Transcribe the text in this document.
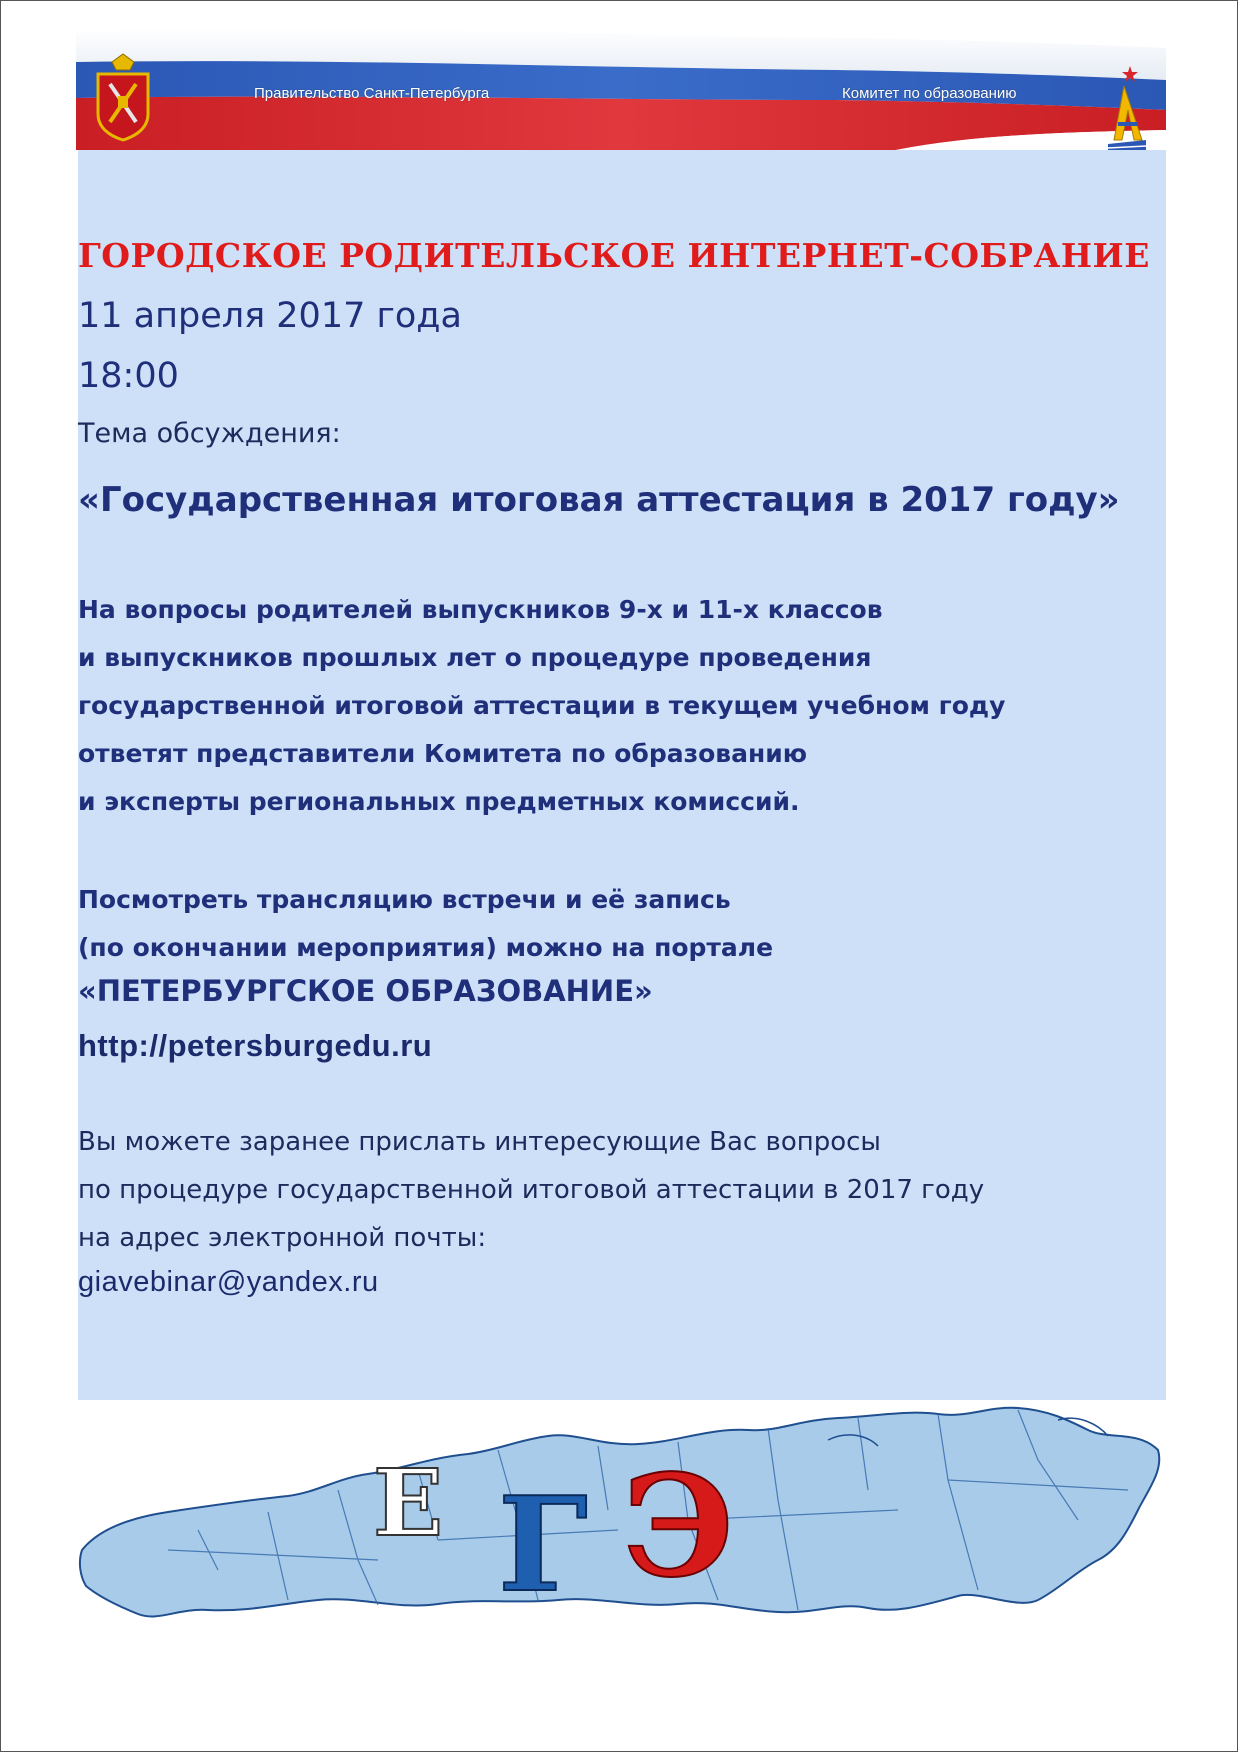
Правительство Санкт-Петербурга	Комитет по образованию
ГОРОДСКОЕ РОДИТЕЛЬСКОЕ ИНТЕРНЕТ-СОБРАНИЕ
11 апреля 2017 года
18:00
Тема обсуждения:
«Государственная итоговая аттестация в 2017 году»
На вопросы родителей выпускников 9-х и 11-х классов
и выпускников прошлых лет о процедуре проведения
государственной итоговой аттестации в текущем учебном году
ответят представители Комитета по образованию
и эксперты региональных предметных комиссий.
Посмотреть трансляцию встречи и её запись
(по окончании мероприятия) можно на портале
«ПЕТЕРБУРГСКОЕ ОБРАЗОВАНИЕ»
http://petersburgedu.ru
Вы можете заранее прислать интересующие Вас вопросы
по процедуре государственной итоговой аттестации в 2017 году
на адрес электронной почты:
giavebinar@yandex.ru
Е Г Э
